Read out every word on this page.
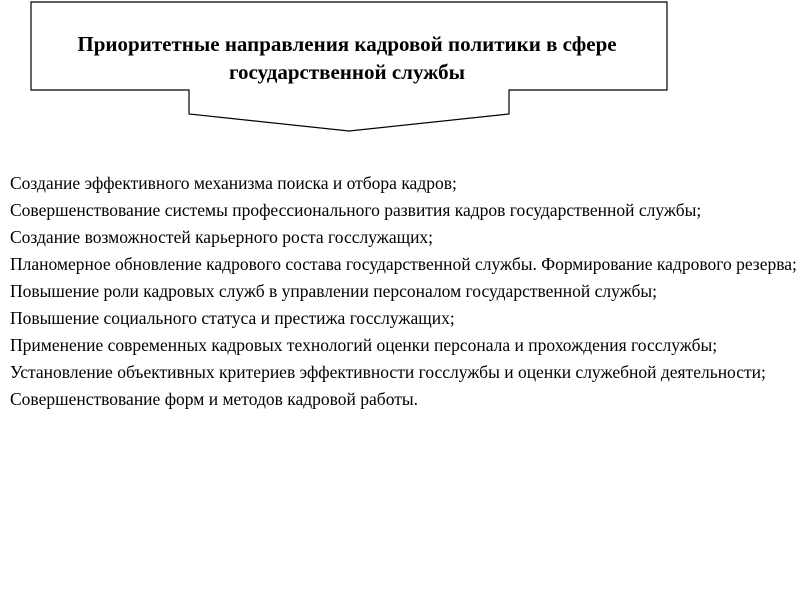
Приоритетные направления кадровой политики в сфере государственной службы
Создание эффективного механизма поиска и отбора кадров;
Совершенствование системы профессионального развития кадров государственной службы;
Создание возможностей карьерного роста госслужащих;
Планомерное обновление кадрового состава государственной службы. Формирование кадрового резерва;
Повышение роли кадровых служб в управлении персоналом государственной службы;
Повышение социального статуса и престижа госслужащих;
Применение современных кадровых технологий оценки персонала и прохождения госслужбы;
Установление объективных критериев эффективности госслужбы и оценки служебной деятельности;
Совершенствование форм и методов кадровой работы.
